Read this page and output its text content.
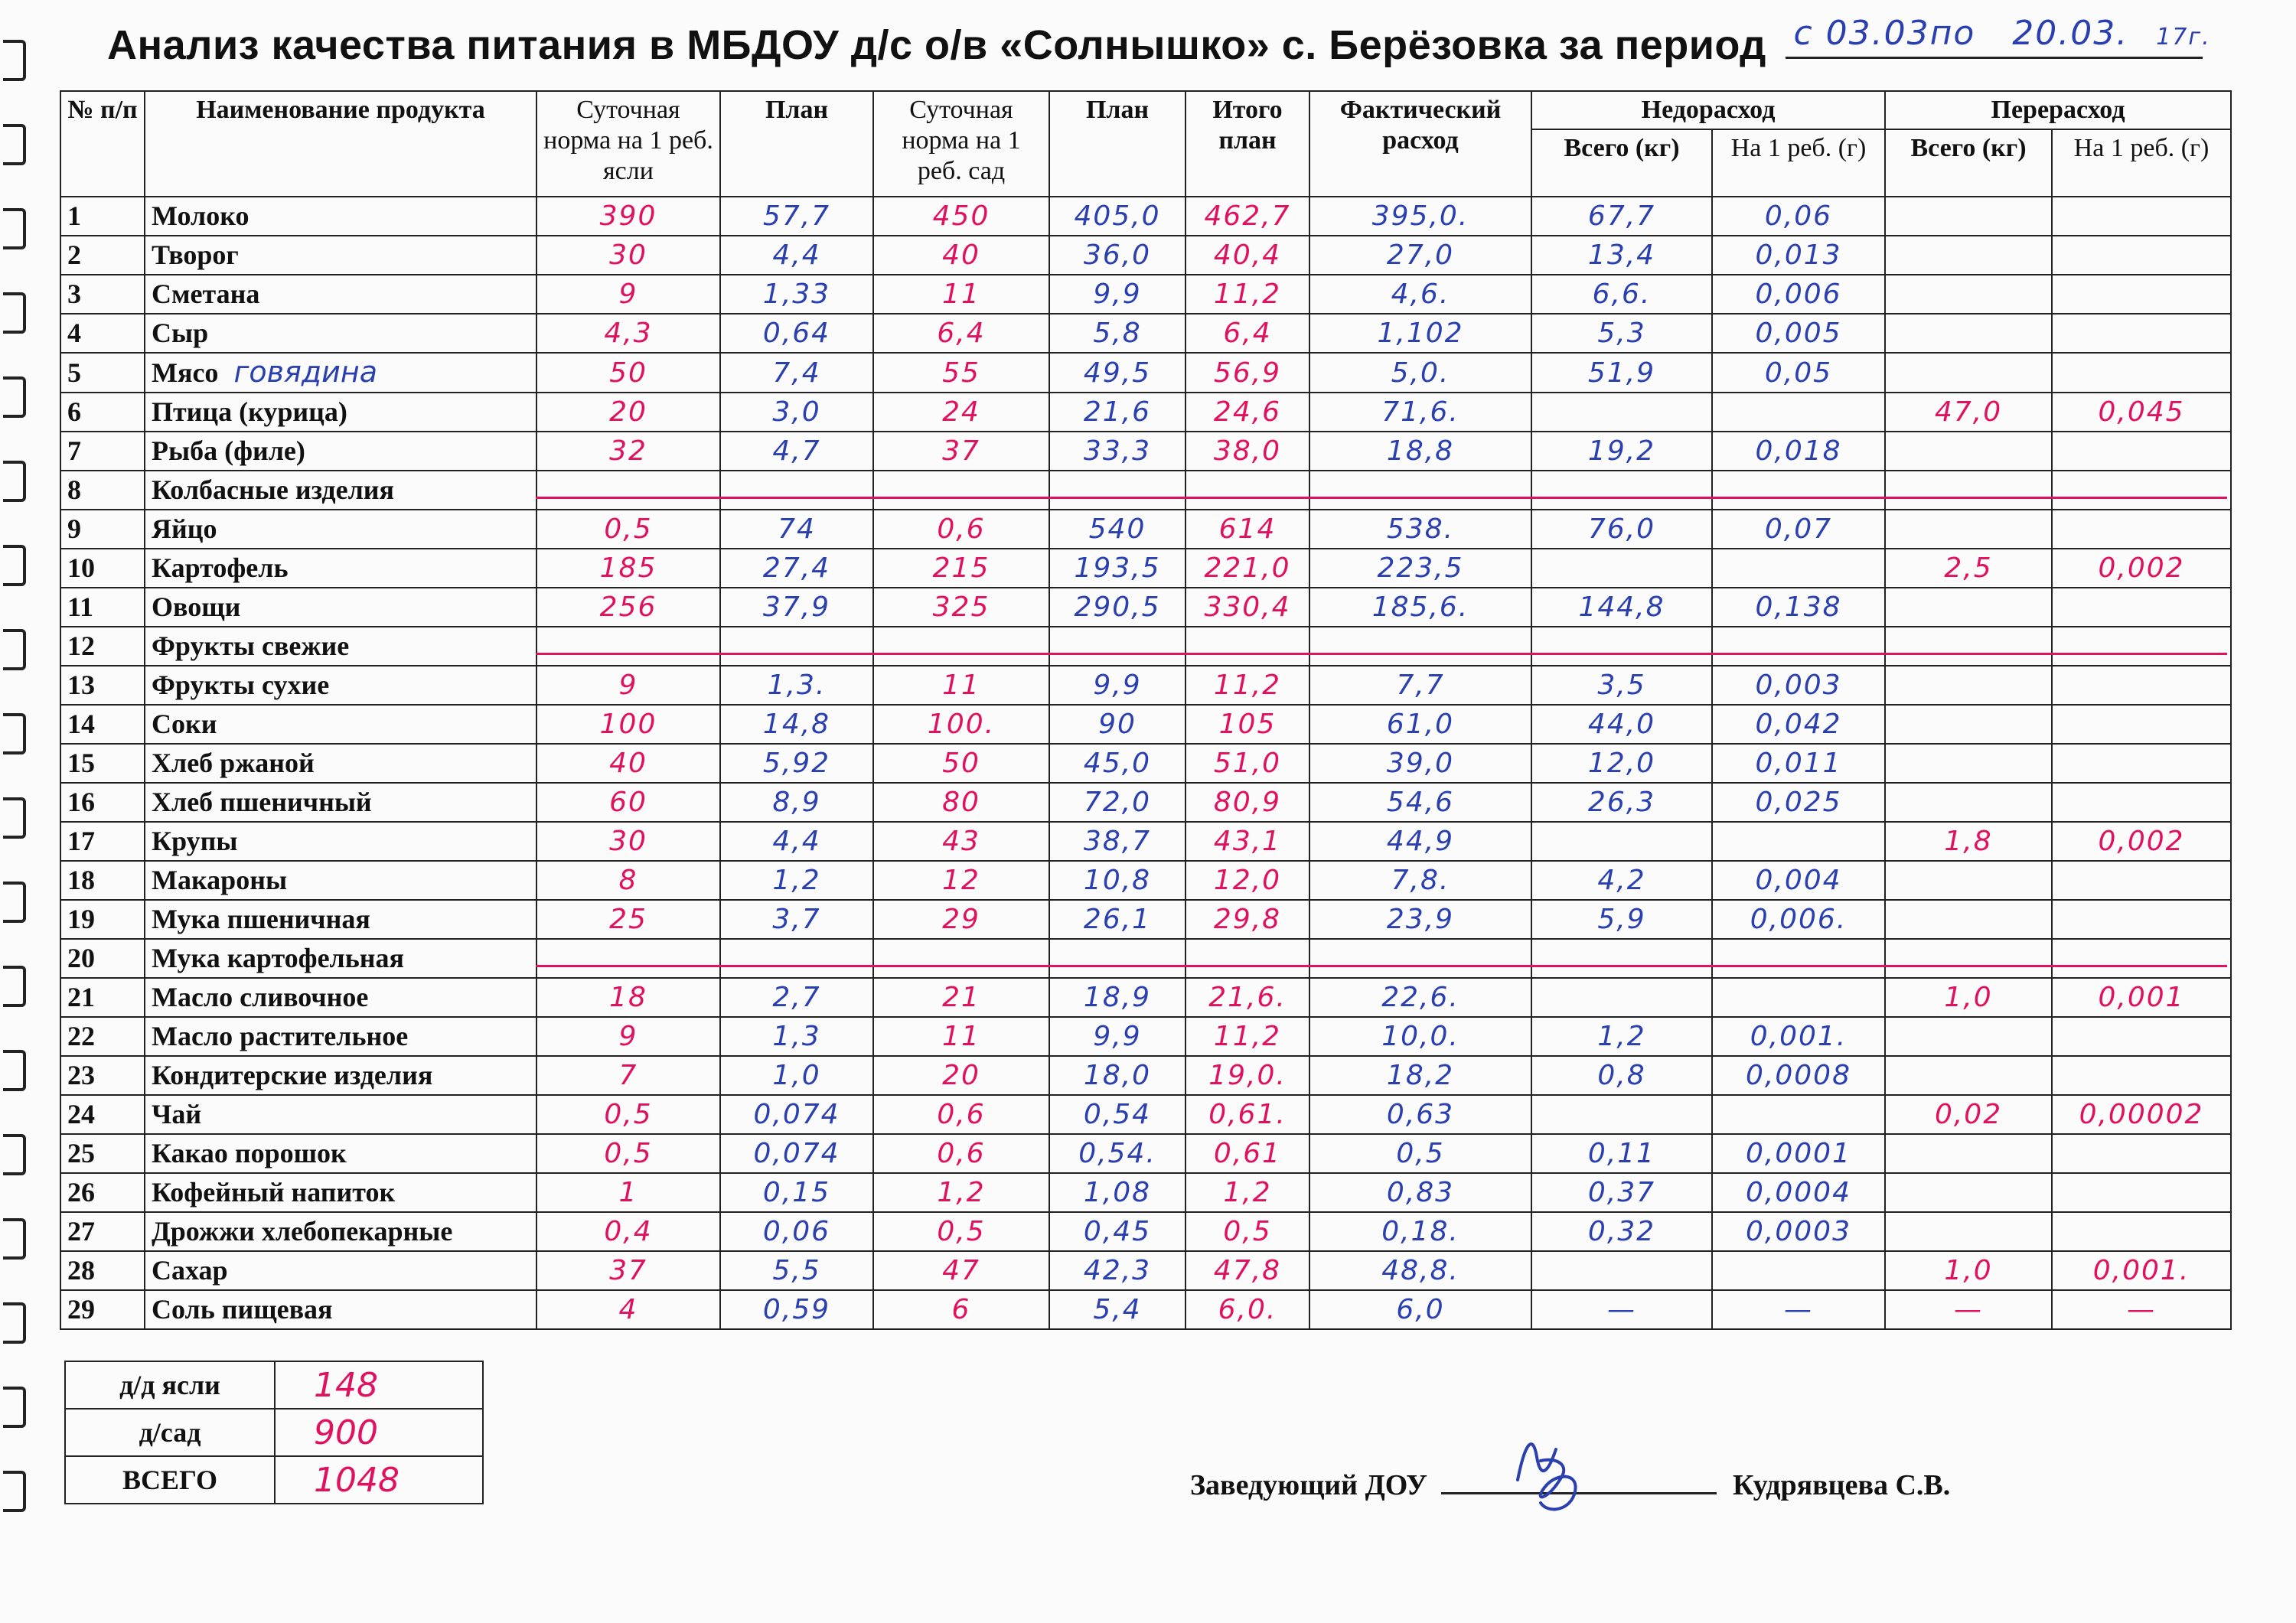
Анализ качества питания в МБДОУ д/с о/в «Солнышко» с. Берёзовка за период с 03.03по 20.03. 17г.
№ п/п	Наименование продукта	Суточная норма на 1 реб. ясли	План	Суточная норма на 1 реб. сад	План	Итого план	Фактический расход	Недорасход		Перерасход	
								Всего (кг)	На 1 реб. (г)	Всего (кг)	На 1 реб. (г)
1	Молоко	390	57,7	450	405,0	462,7	395,0.	67,7	0,06		
2	Творог	30	4,4	40	36,0	40,4	27,0	13,4	0,013		
3	Сметана	9	1,33	11	9,9	11,2	4,6.	6,6.	0,006		
4	Сыр	4,3	0,64	6,4	5,8	6,4	1,102	5,3	0,005		
5	Мясо говядина	50	7,4	55	49,5	56,9	5,0.	51,9	0,05		
6	Птица (курица)	20	3,0	24	21,6	24,6	71,6.			47,0	0,045
7	Рыба (филе)	32	4,7	37	33,3	38,0	18,8	19,2	0,018		
8	Колбасные изделия										
9	Яйцо	0,5	74	0,6	540	614	538.	76,0	0,07		
10	Картофель	185	27,4	215	193,5	221,0	223,5			2,5	0,002
11	Овощи	256	37,9	325	290,5	330,4	185,6.	144,8	0,138		
12	Фрукты свежие										
13	Фрукты сухие	9	1,3.	11	9,9	11,2	7,7	3,5	0,003		
14	Соки	100	14,8	100.	90	105	61,0	44,0	0,042		
15	Хлеб ржаной	40	5,92	50	45,0	51,0	39,0	12,0	0,011		
16	Хлеб пшеничный	60	8,9	80	72,0	80,9	54,6	26,3	0,025		
17	Крупы	30	4,4	43	38,7	43,1	44,9			1,8	0,002
18	Макароны	8	1,2	12	10,8	12,0	7,8.	4,2	0,004		
19	Мука пшеничная	25	3,7	29	26,1	29,8	23,9	5,9	0,006.		
20	Мука картофельная										
21	Масло сливочное	18	2,7	21	18,9	21,6.	22,6.			1,0	0,001
22	Масло растительное	9	1,3	11	9,9	11,2	10,0.	1,2	0,001.		
23	Кондитерские изделия	7	1,0	20	18,0	19,0.	18,2	0,8	0,0008		
24	Чай	0,5	0,074	0,6	0,54	0,61.	0,63			0,02	0,00002
25	Какао порошок	0,5	0,074	0,6	0,54.	0,61	0,5	0,11	0,0001		
26	Кофейный напиток	1	0,15	1,2	1,08	1,2	0,83	0,37	0,0004		
27	Дрожжи хлебопекарные	0,4	0,06	0,5	0,45	0,5	0,18.	0,32	0,0003		
28	Сахар	37	5,5	47	42,3	47,8	48,8.			1,0	0,001.
29	Соль пищевая	4	0,59	6	5,4	6,0.	6,0	—	—	—	—
д/д ясли	148
д/сад	900
ВСЕГО	1048	Заведующий ДОУ	Кудрявцева С.В.
